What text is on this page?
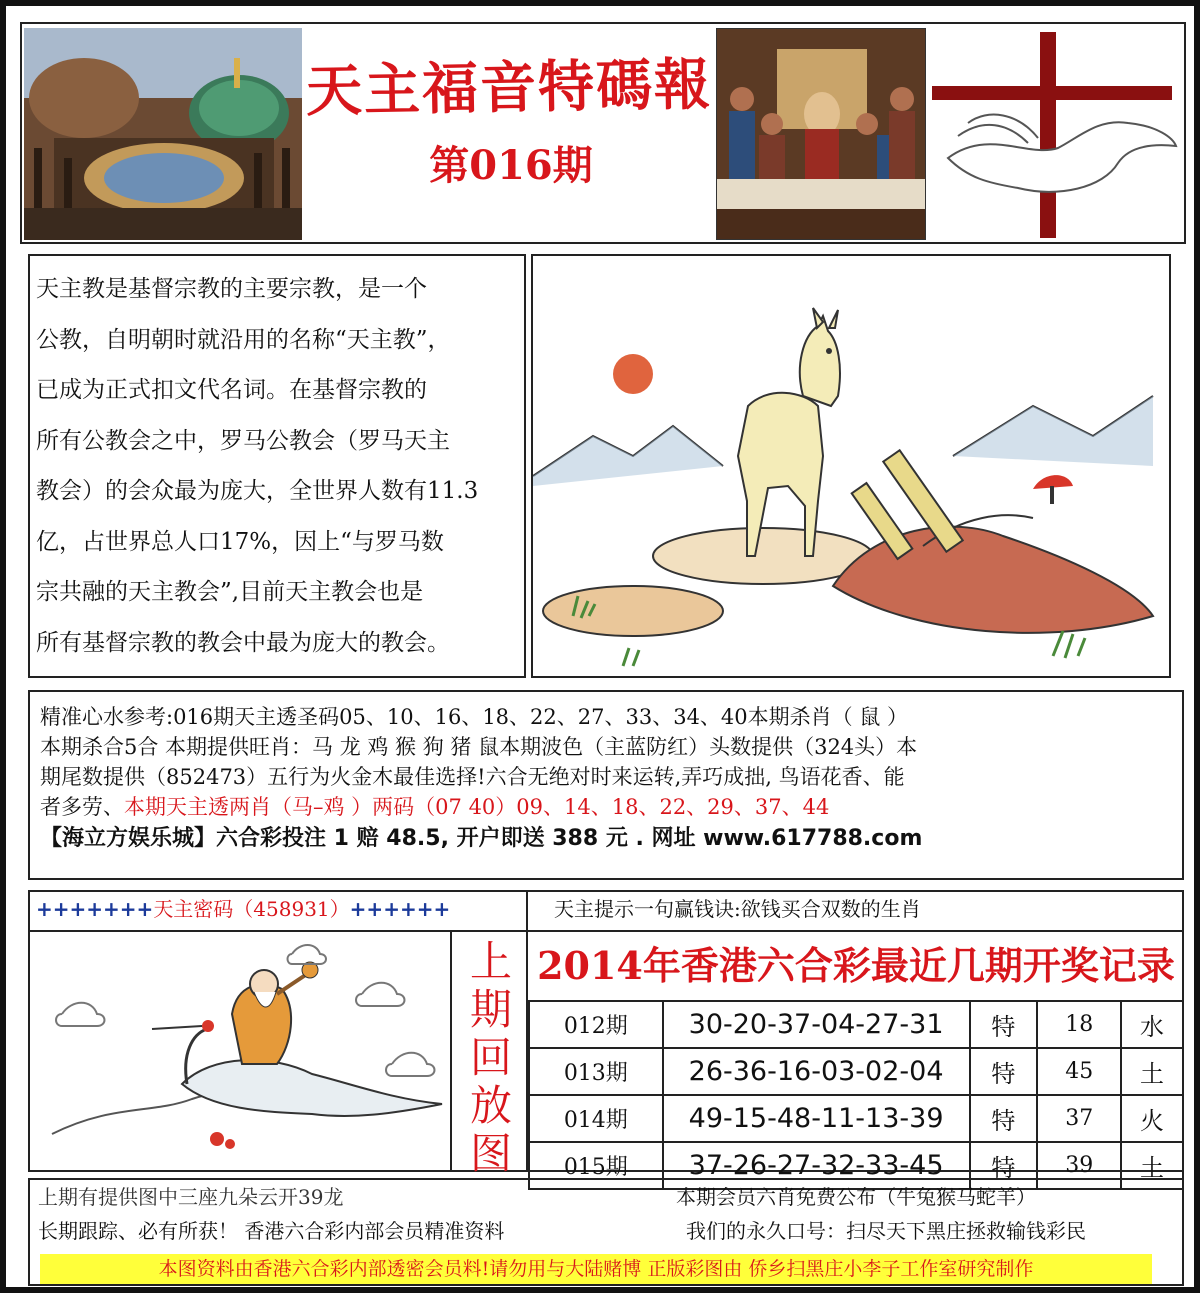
天主福音特碼報
第016期
天主教是基督宗教的主要宗教，是一个
公教，自明朝时就沿用的名称“天主教”，
已成为正式扣文代名词。在基督宗教的
所有公教会之中，罗马公教会（罗马天主
教会）的会众最为庞大，全世界人数有11.3
亿，占世界总人口17%，因上“与罗马数
宗共融的天主教会”,目前天主教会也是
所有基督宗教的教会中最为庞大的教会。
精准心水参考:016期天主透圣码05、10、16、18、22、27、33、34、40本期杀肖（ 鼠 ）
本期杀合5合 本期提供旺肖：马 龙 鸡 猴 狗 猪 鼠本期波色（主蓝防红）头数提供（324头）本
期尾数提供（852473）五行为火金木最佳选择!六合无绝对时来运转,弄巧成拙, 鸟语花香、能
者多劳、本期天主透两肖（马–鸡 ）两码（07 40）09、14、18、22、29、37、44
【海立方娱乐城】六合彩投注 1 赔 48.5, 开户即送 388 元 . 网址 www.617788.com
+++++++天主密码（458931）++++++	天主提示一句赢钱诀:欲钱买合双数的生肖
上
期
回
放
图
2014年香港六合彩最近几期开奖记录
012期	30-20-37-04-27-31	特	18	水
013期	26-36-16-03-02-04	特	45	土
014期	49-15-48-11-13-39	特	37	火
015期	37-26-27-32-33-45	特	39	土
上期有提供图中三座九朵云开39龙	本期会员六肖免费公布（牛兔猴马蛇羊）
长期跟踪、必有所获！ 香港六合彩内部会员精准资料	我们的永久口号：扫尽天下黑庄拯救输钱彩民
本图资料由香港六合彩内部透密会员料!请勿用与大陆赌博 正版彩图由 侨乡扫黑庄小李子工作室研究制作
